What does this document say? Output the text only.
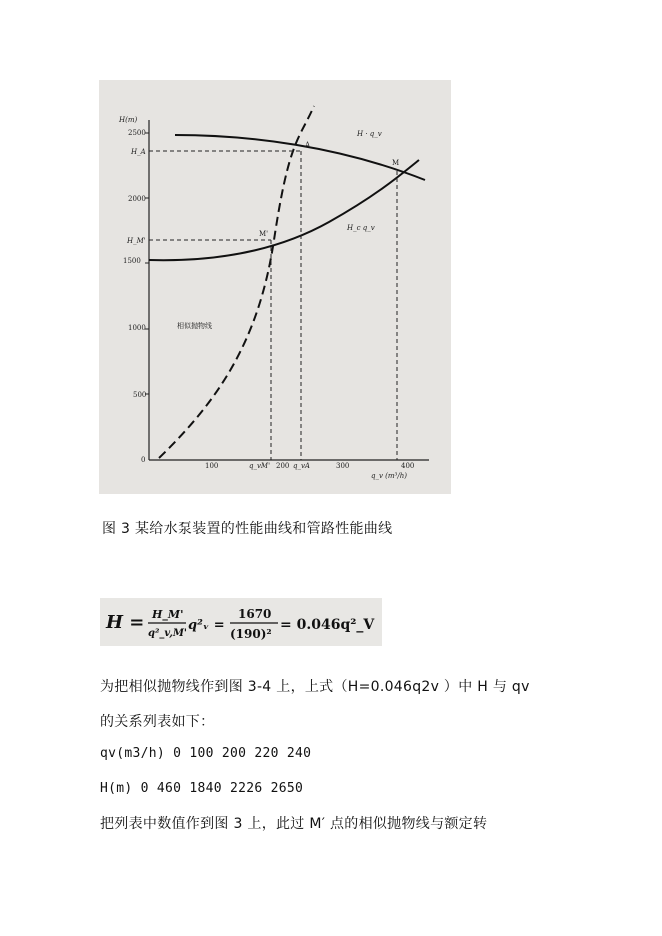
2500
2000
1500
1000
500
0
100	200	300	400
H(m)
q_v (m³/h)
A
M
M'
H_A
H_M'
q_vM'	q_vA
H · q_v
H_c q_v
相似抛物线
图 3 某给水泵装置的性能曲线和管路性能曲线
H = H_M'
q²_v,M'
q²ᵥ =
1670
(190)²
= 0.046q²_V
为把相似抛物线作到图 3-4 上，上式（H=0.046q2v ）中 H 与 qv
的关系列表如下：
qv(m3/h) 0 100 200 220 240
H(m) 0 460 1840 2226 2650
把列表中数值作到图 3 上，此过 M′ 点的相似抛物线与额定转
